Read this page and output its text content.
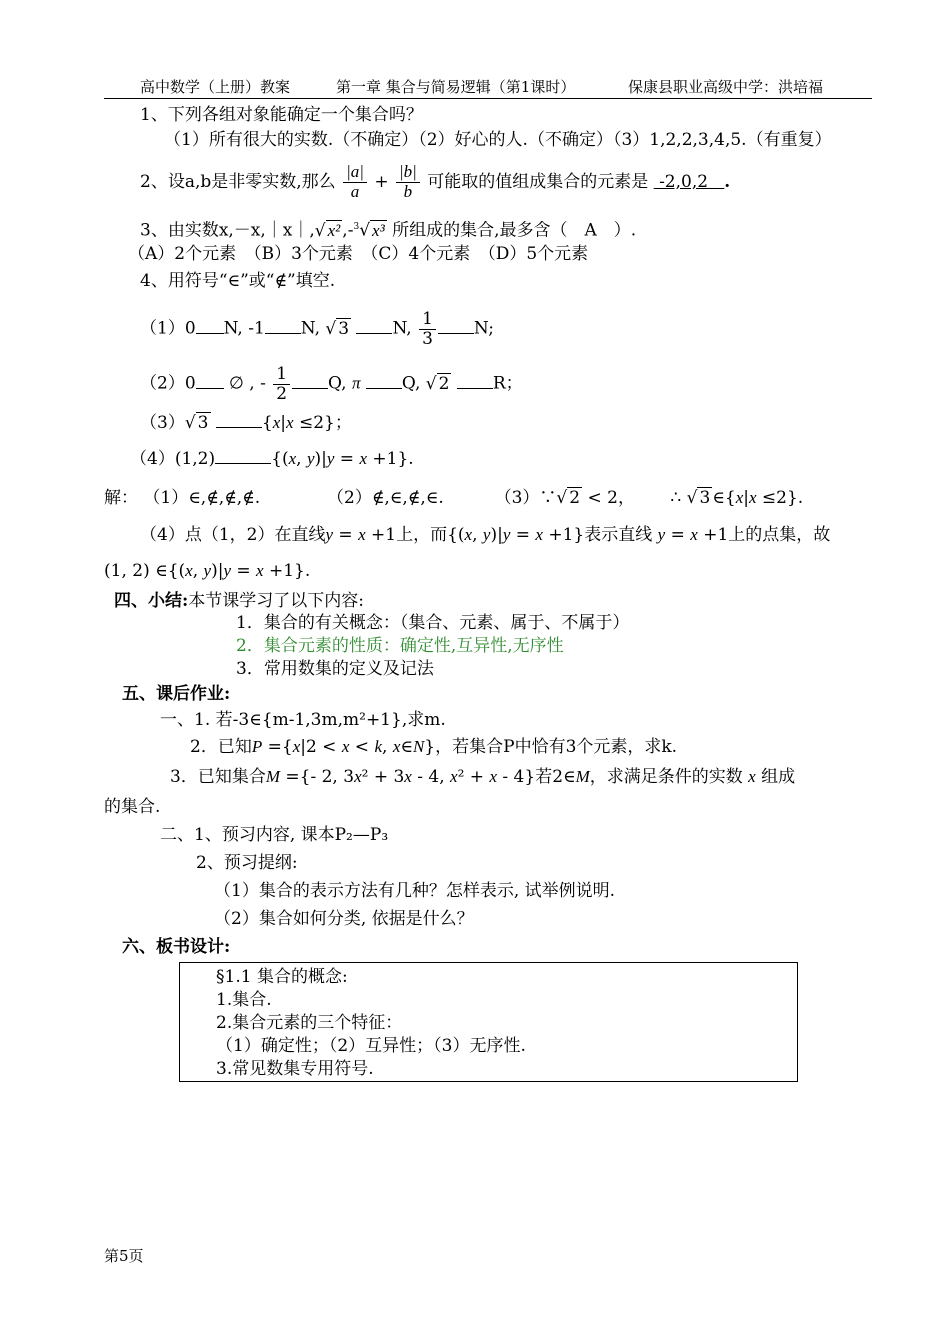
高中数学（上册）教案	第一章 集合与简易逻辑（第1课时）	保康县职业高级中学：洪培福
1、下列各组对象能确定一个集合吗？
（1）所有很大的实数.（不确定）（2）好心的人.（不确定）（3）1,2,2,3,4,5.（有重复）
2、设a,b是非零实数,那么 $\frac{|a|}{a} + \frac{|b|}{b}$ 可能取的值组成集合的元素是 -2,0,2 .
3、由实数x,－x,｜x｜,√ x² ,-$^3$√ x³ 所组成的集合,最多含（　A　）.
（A）2个元素　（B）3个元素　（C）4个元素　（D）5个元素
4、用符号“∈”或“∉”填空.
（1）0 N, -1 N, √ 3	N, $\frac{1}{3} N$;
（2）0 ∅ , - $\frac{1}{2} Q$, π Q, √ 2	R；
（3）√ 3	{x|x ≤2}；
（4）(1,2)	{(x, y)|y = x +1}.
解： （1）∈,∉,∉,∉.	（2）∉,∈,∉,∈.	（3）∵√ 2 < 2， ∴ √ 3 ∈{x|x ≤2}.
（4）点（1，2）在直线y = x +1上，而{(x, y)|y = x +1}表示直线 y = x +1上的点集，故
(1, 2) ∈{(x, y)|y = x +1}.
四、小结:本节课学习了以下内容:
1．集合的有关概念：（集合、元素、属于、不属于）
2．集合元素的性质：确定性,互异性,无序性
3．常用数集的定义及记法
五、课后作业:
一、1. 若-3∈{m-1,3m,m²+1},求m.
2．已知P ={x|2 < x < k, x∈N}，若集合P中恰有3个元素，求k.
3．已知集合M ={- 2, 3x² + 3x - 4, x² + x - 4}若2∈M，求满足条件的实数 x 组成
的集合.
二、1、预习内容, 课本P₂—P₃
2、预习提纲:
（1）集合的表示方法有几种？怎样表示, 试举例说明.
（2）集合如何分类, 依据是什么？
六、板书设计:
§1.1 集合的概念:
1.集合.
2.集合元素的三个特征：
（1）确定性；（2）互异性；（3）无序性.
3.常见数集专用符号.
第5页
